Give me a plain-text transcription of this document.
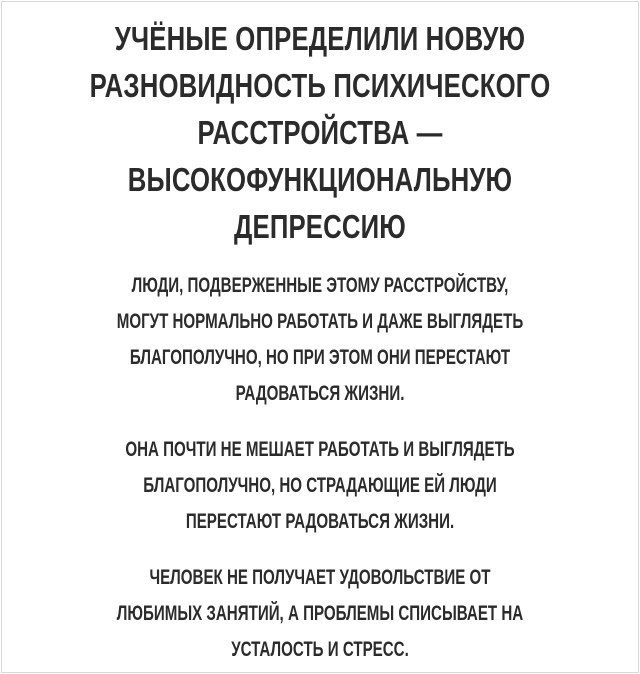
УЧЁНЫЕ ОПРЕДЕЛИЛИ НОВУЮ
РАЗНОВИДНОСТЬ ПСИХИЧЕСКОГО
РАССТРОЙСТВА —
ВЫСОКОФУНКЦИОНАЛЬНУЮ
ДЕПРЕССИЮ

ЛЮДИ, ПОДВЕРЖЕННЫЕ ЭТОМУ РАССТРОЙСТВУ,
МОГУТ НОРМАЛЬНО РАБОТАТЬ И ДАЖЕ ВЫГЛЯДЕТЬ
БЛАГОПОЛУЧНО, НО ПРИ ЭТОМ ОНИ ПЕРЕСТАЮТ
РАДОВАТЬСЯ ЖИЗНИ.

ОНА ПОЧТИ НЕ МЕШАЕТ РАБОТАТЬ И ВЫГЛЯДЕТЬ
БЛАГОПОЛУЧНО, НО СТРАДАЮЩИЕ ЕЙ ЛЮДИ
ПЕРЕСТАЮТ РАДОВАТЬСЯ ЖИЗНИ.

ЧЕЛОВЕК НЕ ПОЛУЧАЕТ УДОВОЛЬСТВИЕ ОТ
ЛЮБИМЫХ ЗАНЯТИЙ, А ПРОБЛЕМЫ СПИСЫВАЕТ НА
УСТАЛОСТЬ И СТРЕСС.
